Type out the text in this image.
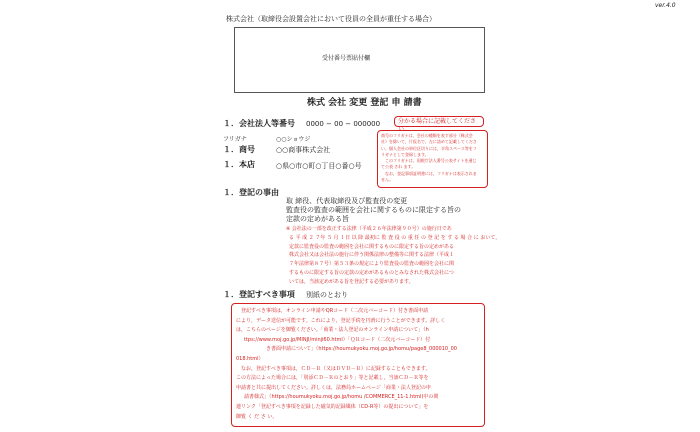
ver.4.0
株式会社（取締役会設置会社において役員の全員が重任する場合）
受付番号票貼付欄
株式 会社 変更 登記 申 請書
１．会社法人等番号 0000 − 00 − 000000	分かる場合に記載してくださ
フリガナ	○○ショウジ
１．商号	○○商事株式会社
１．本店	○県○市○町○丁目○番○号
商号のフリガナは，会社の種類を表す部分（株式会
社）を除いて，片仮名で，左に詰めて記載してくださ
い。個人会社の単位区切りには，半角スペース等をフ
リガナとして登録します。
　このフリガナは，国税庁法人番号公表サイトを通じ
て公表 され ます。
　なお，登記事項証明書には，フリガナは表示されま
せん。
１．登記の事由
取 締役、代表取締役及び監査役の変更
監査役の監査の範囲を会社に関するものに限定する旨の
定款の定めがある旨
※ 会社法の一部を改正する法律（平成２６年法律第９０号）の施行日であ
る 平 成 ２ ７年 ５ 月 １日 以 降 最初に 監 査 役 の 重 任 の 登 記 を す る 場 合 に おいて，
定款に監査役の監査の範囲を会社に関するものに限定する旨の定めがある
株式会社又は会社法の施行に伴う関係法律の整備等に関する法律（平成１
７年法律第８７号）第５３条の規定により監査役の監査の範囲を会社に関
するものに限定する旨の定款の定めがあるものとみなされた株式会社につ
いては，当該定めがある旨を登記する必要があります。
１．登記すべき事項 別紙のとおり
　登記すべき事項は，オンライン申請やQRコード（二次元バーコード）付き書面申請
により，データ送信が可能です。これにより，登記手続を円滑に行うことができます。詳しく
は，こちらのページを御覧ください。「商業・法人登記のオンライン申請について」（h
ttps://www.moj.go.jp/MINJI/minji60.html）「ＱＲコード（二次元バーコード）付
き書面申請について」（https://houmukyoku.moj.go.jp/homu/page8_000010_00
018.html）
　なお，登記すべき事項は，ＣＤ－Ｒ（又はＤＶＤ－Ｒ）に記録することもできます。
この方法によった場合には，「別添ＣＤ－Ｒのとおり」等と記載し，当該ＣＤ－Ｒ等を
申請書と共に提出してください。詳しくは，法務局ホームページ「商業・法人登記の申
請書様式」（https://houmukyoku.moj.go.jp/homu /COMMERCE_11-1.html)中の関
連リンク「登記すべき事項を記録した磁気的記録媒体（CD-R等）の提出について」を
御覧 く だ さ い。
